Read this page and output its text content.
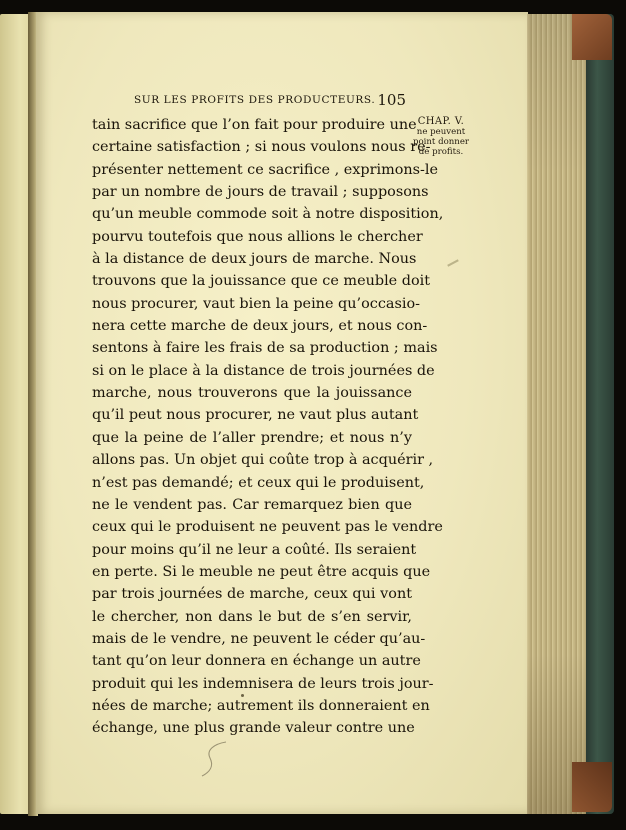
SUR LES PROFITS DES PRODUCTEURS. 105
tain sacrifice que l’on fait pour produire une
certaine satisfaction ; si nous voulons nous re-
présenter nettement ce sacrifice , exprimons-le
par un nombre de jours de travail ; supposons
qu’un meuble commode soit à notre disposition,
pourvu toutefois que nous allions le chercher
à la distance de deux jours de marche. Nous
trouvons que la jouissance que ce meuble doit
nous procurer, vaut bien la peine qu’occasio-
nera cette marche de deux jours, et nous con-
sentons à faire les frais de sa production ; mais
si on le place à la distance de trois journées de
marche, nous trouverons que la jouissance
qu’il peut nous procurer, ne vaut plus autant
que la peine de l’aller prendre; et nous n’y
allons pas. Un objet qui coûte trop à acquérir ,
n’est pas demandé; et ceux qui le produisent,
ne le vendent pas. Car remarquez bien que
ceux qui le produisent ne peuvent pas le vendre
pour moins qu’il ne leur a coûté. Ils seraient
en perte. Si le meuble ne peut être acquis que
par trois journées de marche, ceux qui vont
le chercher, non dans le but de s’en servir,
mais de le vendre, ne peuvent le céder qu’au-
tant qu’on leur donnera en échange un autre
produit qui les indemnisera de leurs trois jour-
nées de marche; autrement ils donneraient en
échange, une plus grande valeur contre une
CHAP. V.
ne peuvent
point donner
de profits.
